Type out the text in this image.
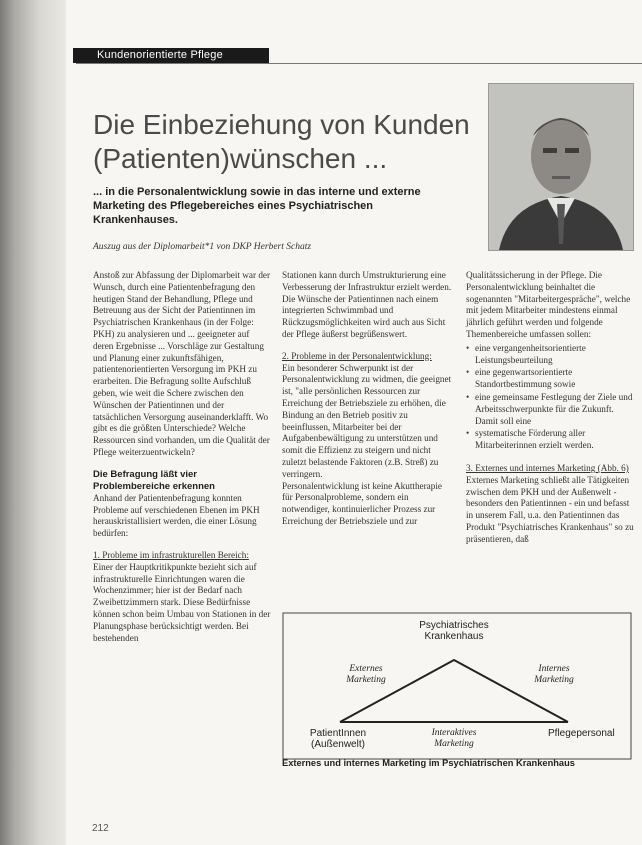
Kundenorientierte Pflege
Die Einbeziehung von Kunden (Patienten)wünschen ...
... in die Personalentwicklung sowie in das interne und externe Marketing des Pflegebereiches eines Psychiatrischen Krankenhauses.
Auszug aus der Diplomarbeit*1 von DKP Herbert Schatz

Anstoß zur Abfassung der Diplomarbeit war der Wunsch, durch eine Patientenbefragung den heutigen Stand der Behandlung, Pflege und Betreuung aus der Sicht der Patientinnen im Psychiatrischen Krankenhaus (in der Folge: PKH) zu analysieren und ... geeigneter auf deren Ergebnisse ... Vorschläge zur Gestaltung und Planung einer zukunftsfähigen, patientenorientierten Versorgung im PKH zu erarbeiten. Die Befragung sollte Aufschluß geben, wie weit die Schere zwischen den Wünschen der Patientinnen und der tatsächlichen Versorgung auseinanderklafft. Wo gibt es die größten Unterschiede? Welche Ressourcen sind vorhanden, um die Qualität der Pflege weiterzuentwickeln?

Die Befragung läßt vier Problembereiche erkennen

Anhand der Patientenbefragung konnten Probleme auf verschiedenen Ebenen im PKH herauskristallisiert werden, die einer Lösung bedürfen:

1. Probleme im infrastrukturellen Bereich:

Einer der Hauptkritikpunkte bezieht sich auf infrastrukturelle Einrichtungen waren die Wochenzimmer; hier ist der Bedarf nach Zweibettzimmern stark. Diese Bedürfnisse können schon beim Umbau von Stationen in der Planungsphase berücksichtigt werden. Bei bestehenden

Stationen kann durch Umstrukturierung eine Verbesserung der Infrastruktur erzielt werden. Die Wünsche der Patientinnen nach einem integrierten Schwimmbad und Rückzugsmöglichkeiten wird auch aus Sicht der Pflege äußerst begrüßenswert.

2. Probleme in der Personalentwicklung:

Ein besonderer Schwerpunkt ist der Personalentwicklung zu widmen, die geeignet ist, "alle persönlichen Ressourcen zur Erreichung der Betriebsziele zu erhöhen, die Bindung an den Betrieb positiv zu beeinflussen, Mitarbeiter bei der Aufgabenbewältigung zu unterstützen und somit die Effizienz zu steigern und nicht zuletzt belastende Faktoren (z.B. Streß) zu verringern.

Personalentwicklung ist keine Akuttherapie für Personalprobleme, sondern ein notwendiger, kontinuierlicher Prozess zur Erreichung der Betriebsziele und zur

Qualitätssicherung in der Pflege. Die Personalentwicklung beinhaltet die sogenannten "Mitarbeitergespräche", welche mit jedem Mitarbeiter mindestens einmal jährlich geführt werden und folgende Themenbereiche umfassen sollen:

• eine vergangenheitsorientierte Leistungsbeurteilung
• eine gegenwartsorientierte Standortbestimmung sowie
• eine gemeinsame Festlegung der Ziele und Arbeitsschwerpunkte für die Zukunft. Damit soll eine
• systematische Förderung aller Mitarbeiterinnen erzielt werden.

3. Externes und internes Marketing (Abb. 6)

Externes Marketing schließt alle Tätigkeiten zwischen dem PKH und der Außenwelt - besonders den Patientinnen - ein und befasst in unserem Fall, u.a. den Patientinnen das Produkt "Psychiatrisches Krankenhaus" so zu präsentieren, daß

Psychiatrisches Krankenhaus
Externes Marketing
Internes Marketing
PatientInnen (Außenwelt)
Interaktives Marketing
Pflegepersonal
Externes und internes Marketing im Psychiatrischen Krankenhaus
212
